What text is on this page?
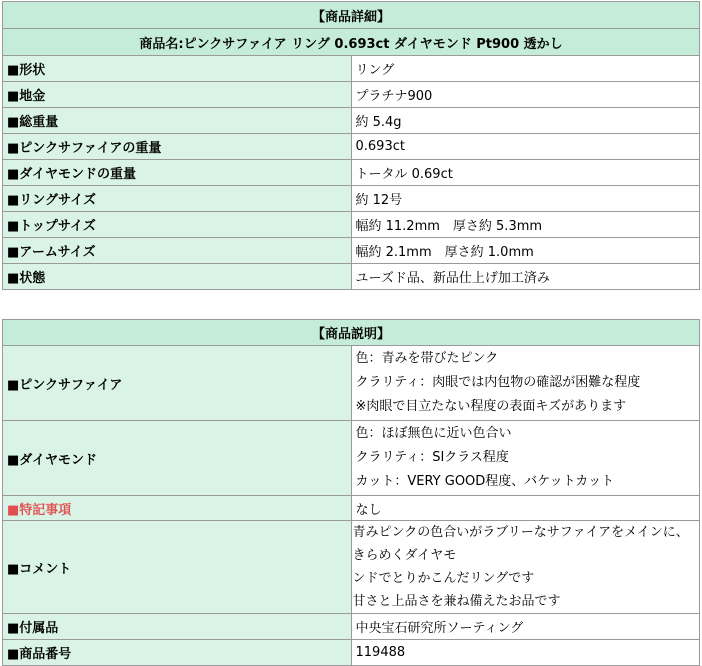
【商品詳細】	
商品名:ピンクサファイア リング 0.693ct ダイヤモンド Pt900 透かし	
■形状	リング
■地金	プラチナ900
■総重量	約 5.4g
■ピンクサファイアの重量	0.693ct
■ダイヤモンドの重量	トータル 0.69ct
■リングサイズ	約 12号
■トップサイズ	幅約 11.2mm　厚さ約 5.3mm
■アームサイズ	幅約 2.1mm　厚さ約 1.0mm
■状態	ユーズド品、新品仕上げ加工済み
【商品説明】	
■ピンクサファイア	色：青みを帯びたピンク
クラリティ：肉眼では内包物の確認が困難な程度
※肉眼で目立たない程度の表面キズがあります

■ダイヤモンド	色：ほぼ無色に近い色合い
クラリティ：SIクラス程度
カット：VERY GOOD程度、バケットカット

■特記事項	なし
■コメント	青みピンクの色合いがラブリーなサファイアをメインに、きらめくダイヤモ
ンドでとりかこんだリングです
甘さと上品さを兼ね備えたお品です

■付属品	中央宝石研究所ソーティング
■商品番号	119488
